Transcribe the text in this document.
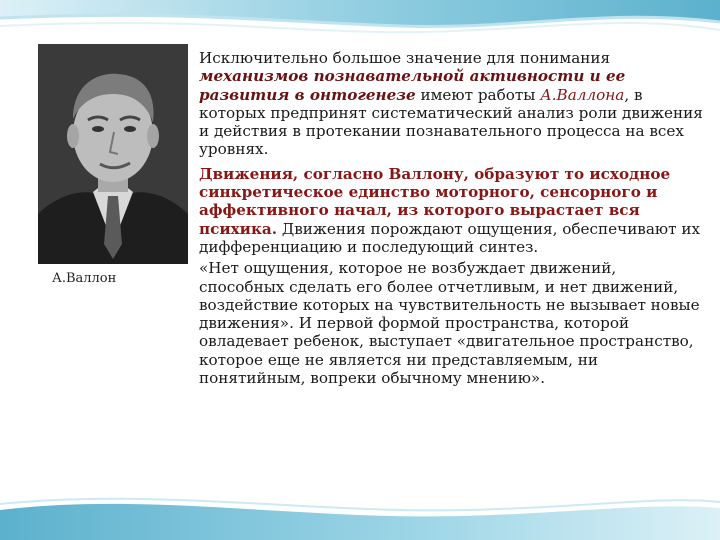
А.Валлон

Исключительно большое значение для понимания механизмов познавательной активности и ее развития в онтогенезе имеют работы А.Валлона, в которых предпринят систематический анализ роли движения и действия в протекании познавательного процесса на всех уровнях.

Движения, согласно Валлону, образуют то исходное синкретическое единство моторного, сенсорного и аффективного начал, из которого вырастает вся психика. Движения порождают ощущения, обеспечивают их дифференциацию и последующий синтез.

«Нет ощущения, которое не возбуждает движений, способных сделать его более отчетливым, и нет движений, воздействие которых на чувствительность не вызывает новые движения». И первой формой пространства, которой овладевает ребенок, выступает «двигательное пространство, которое еще не является ни представляемым, ни понятийным, вопреки обычному мнению».
